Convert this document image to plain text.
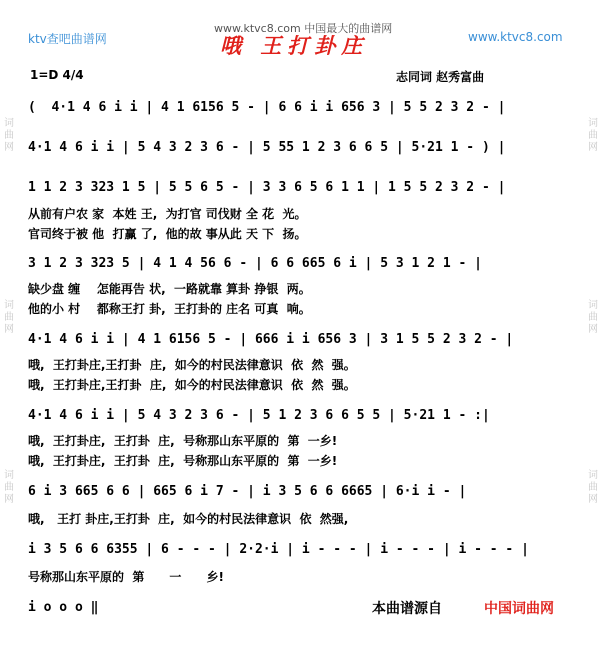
词曲网
词曲网
词曲网
词曲网
词曲网
词曲网
ktv查吧曲谱网
www.ktvc8.com 中国最大的曲谱网
www.ktvc8.com
哦 王打卦庄
1=D 4/4	志同词 赵秀富曲
(  4·1 4 6 i i | 4 1 6156 5 - | 6 6 i i 656 3 | 5 5 2 3 2 - |
4·1 4 6 i i | 5 4 3 2 3 6 - | 5 55 1 2 3 6 6 5 | 5·21 1 - ) |
1 1 2 3 323 1 5 | 5 5 6 5 - | 3 3 6 5 6 1 1 | 1 5 5 2 3 2 - |
从前有户农 家  本姓 王,  为打官 司伐财 全 花  光。
官司终于被 他  打赢 了,  他的故 事从此 天 下  扬。
3 1 2 3 323 5 | 4 1 4 56 6 - | 6 6 665 6 i | 5 3 1 2 1 - |
缺少盘 缠    怎能再告 状,  一路就靠 算卦 挣银  两。
他的小 村    都称王打 卦,  王打卦的 庄名 可真  响。
4·1 4 6 i i | 4 1 6156 5 - | 666 i i 656 3 | 3 1 5 5 2 3 2 - |
哦,  王打卦庄,王打卦  庄,  如今的村民法律意识  依  然  强。
哦,  王打卦庄,王打卦  庄,  如今的村民法律意识  依  然  强。
4·1 4 6 i i | 5 4 3 2 3 6 - | 5 1 2 3 6 6 5 5 | 5·21 1 - :|
哦,  王打卦庄,  王打卦  庄,  号称那山东平原的  第  一乡!
哦,  王打卦庄,  王打卦  庄,  号称那山东平原的  第  一乡!
6 i 3 665 6 6 | 665 6 i 7 - | i 3 5 6 6 6665 | 6·i i - |
哦,   王打 卦庄,王打卦  庄,  如今的村民法律意识  依  然强,
i 3 5 6 6 6355 | 6 - - - | 2·2·i | i - - - | i - - - | i - - - |
号称那山东平原的  第      一      乡!
i o o o ‖	本曲谱源自	中国词曲网
